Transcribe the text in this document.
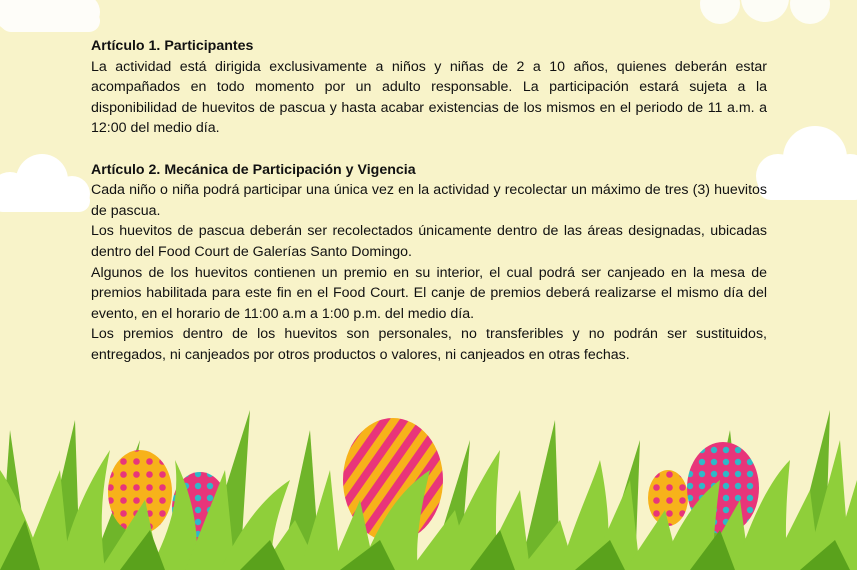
Artículo 1. Participantes

La actividad está dirigida exclusivamente a niños y niñas de 2 a 10 años, quienes deberán estar acompañados en todo momento por un adulto responsable. La participación estará sujeta a la disponibilidad de huevitos de pascua y hasta acabar existencias de los mismos en el periodo de 11 a.m. a 12:00 del medio día.

Artículo 2. Mecánica de Participación y Vigencia

Cada niño o niña podrá participar una única vez en la actividad y recolectar un máximo de tres (3) huevitos de pascua.

Los huevitos de pascua deberán ser recolectados únicamente dentro de las áreas designadas, ubicadas dentro del Food Court de Galerías Santo Domingo.

Algunos de los huevitos contienen un premio en su interior, el cual podrá ser canjeado en la mesa de premios habilitada para este fin en el Food Court. El canje de premios deberá realizarse el mismo día del evento, en el horario de 11:00 a.m a 1:00 p.m. del medio día.

Los premios dentro de los huevitos son personales, no transferibles y no podrán ser sustituidos, entregados, ni canjeados por otros productos o valores, ni canjeados en otras fechas.
